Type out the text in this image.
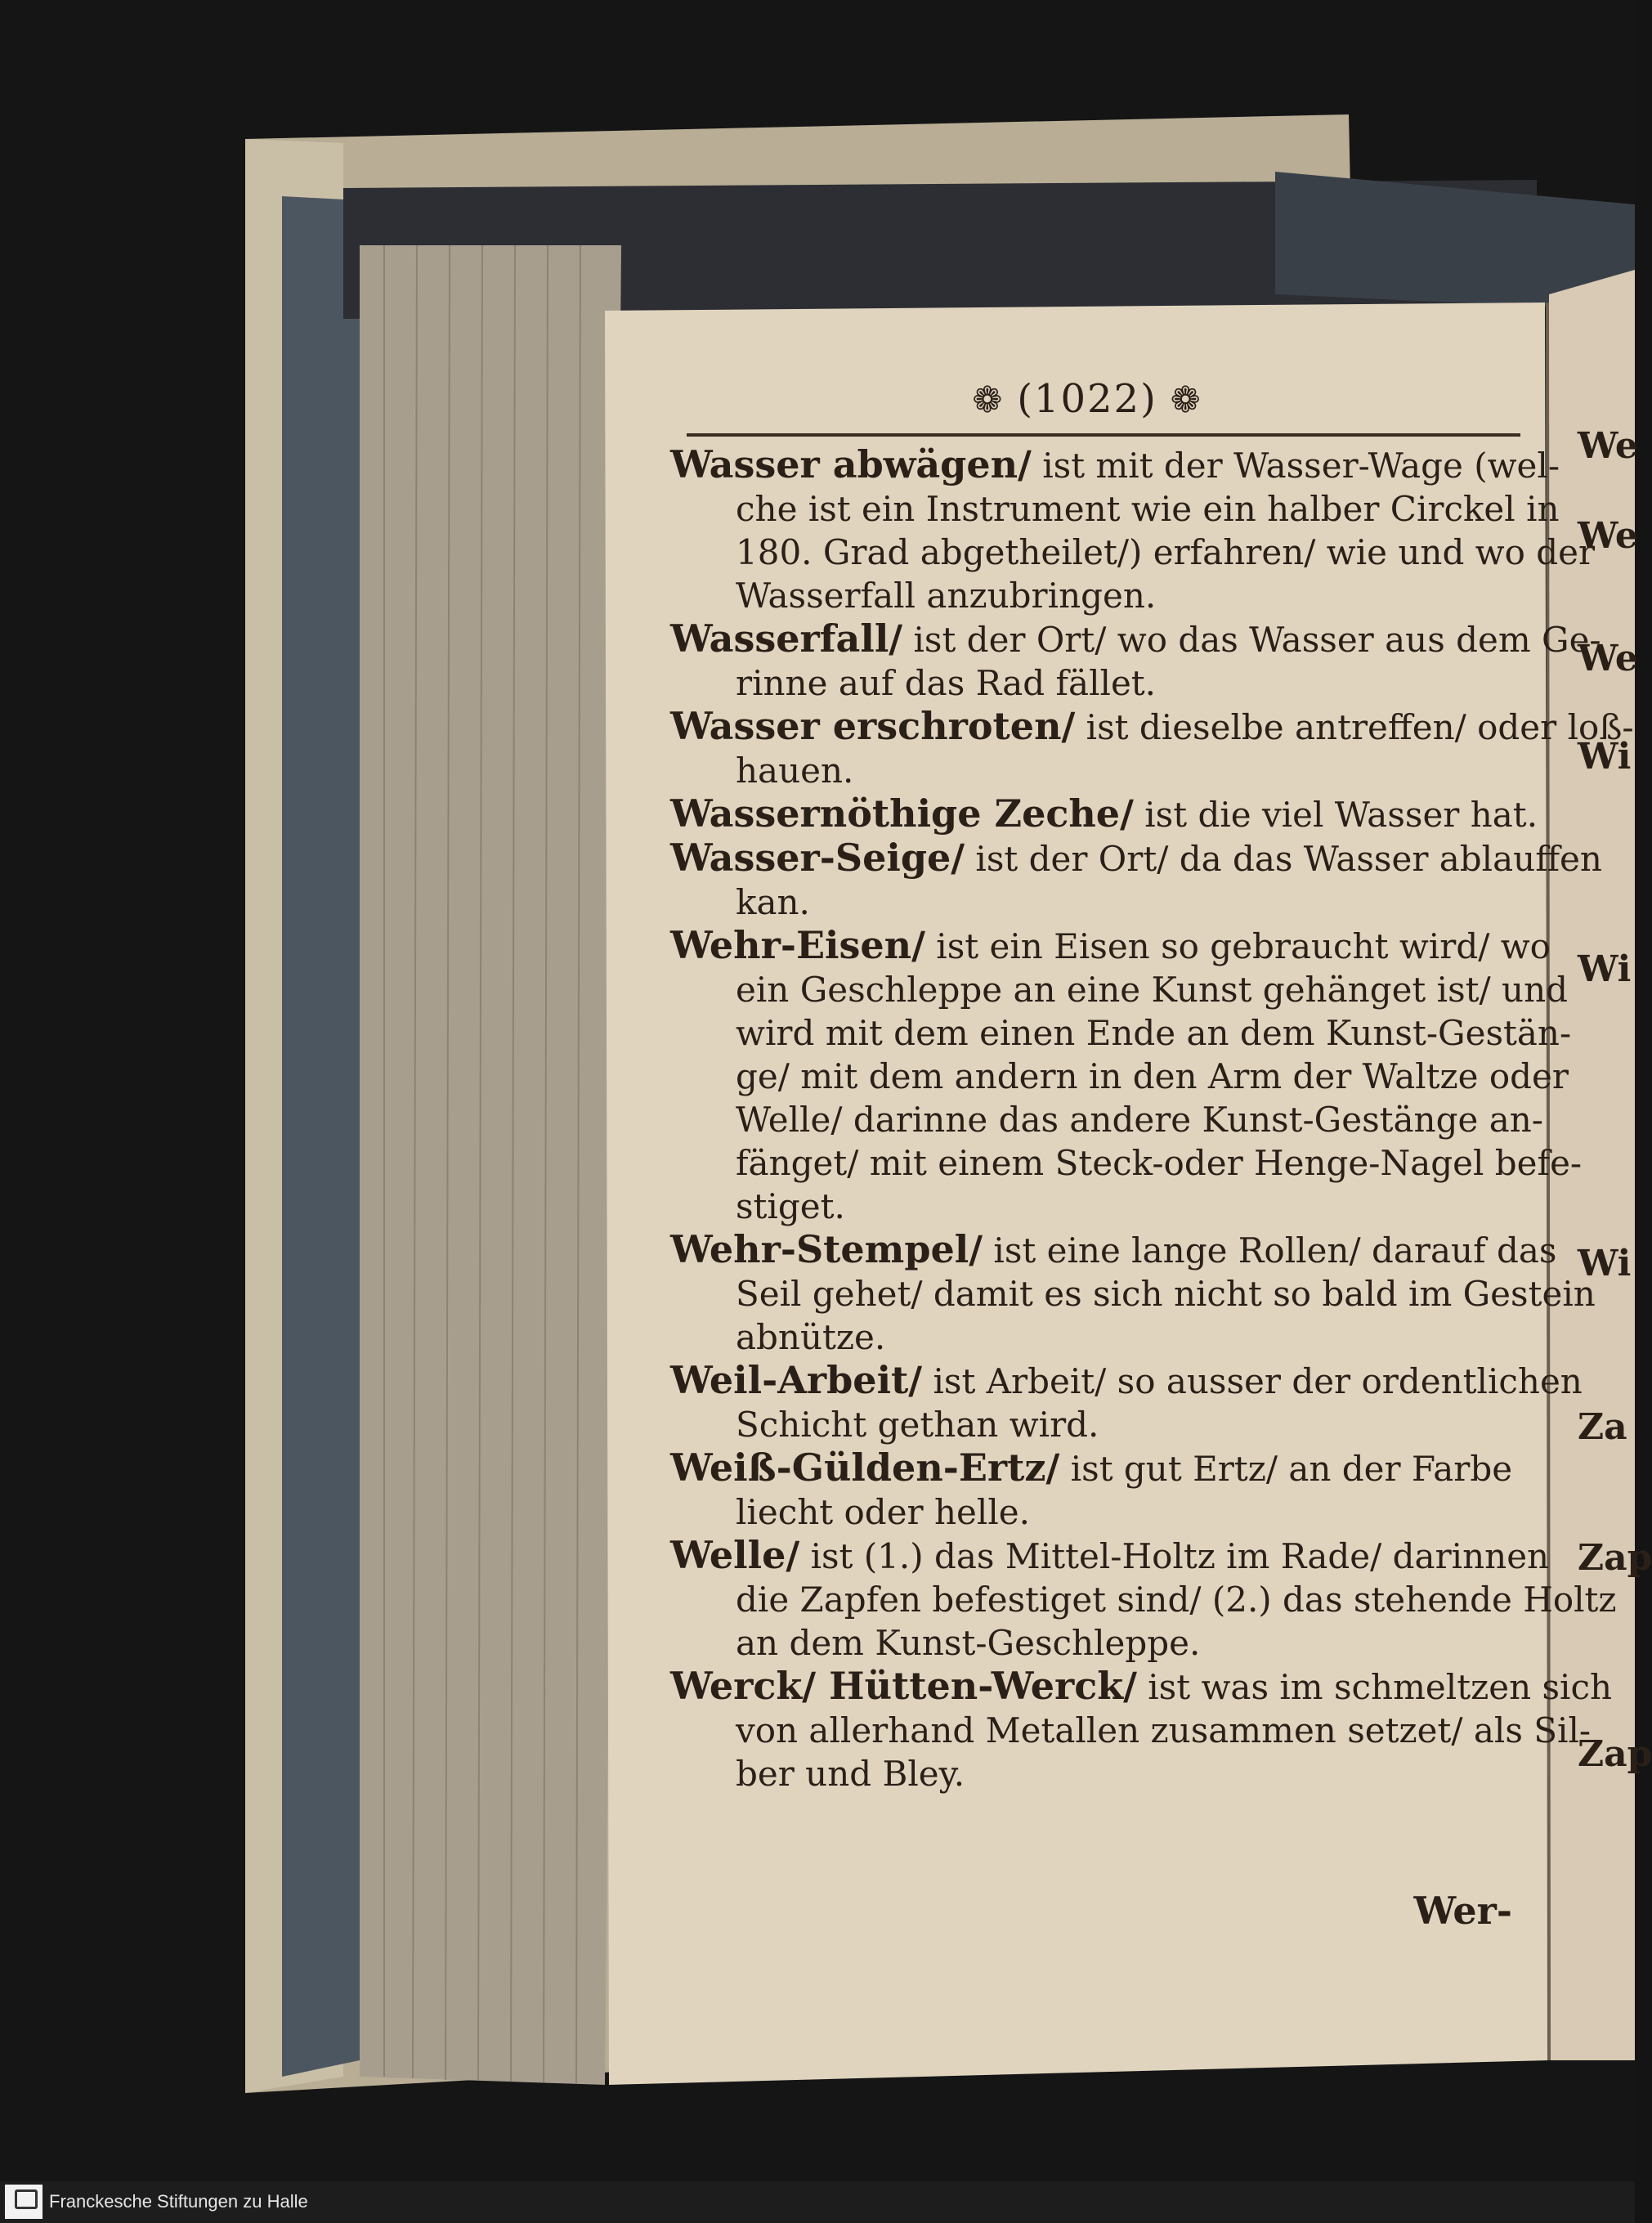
❁ (1022) ❁
Wasser abwägen/ ist mit der Wasser-Wage (wel-
che ist ein Instrument wie ein halber Circkel in
180. Grad abgetheilet/) erfahren/ wie und wo der
Wasserfall anzubringen.
Wasserfall/ ist der Ort/ wo das Wasser aus dem Ge-
rinne auf das Rad fället.
Wasser erschroten/ ist dieselbe antreffen/ oder loß-
hauen.
Wassernöthige Zeche/ ist die viel Wasser hat.
Wasser-Seige/ ist der Ort/ da das Wasser ablauffen
kan.
Wehr-Eisen/ ist ein Eisen so gebraucht wird/ wo
ein Geschleppe an eine Kunst gehänget ist/ und
wird mit dem einen Ende an dem Kunst-Gestän-
ge/ mit dem andern in den Arm der Waltze oder
Welle/ darinne das andere Kunst-Gestänge an-
fänget/ mit einem Steck-oder Henge-Nagel befe-
stiget.
Wehr-Stempel/ ist eine lange Rollen/ darauf das
Seil gehet/ damit es sich nicht so bald im Gestein
abnütze.
Weil-Arbeit/ ist Arbeit/ so ausser der ordentlichen
Schicht gethan wird.
Weiß-Gülden-Ertz/ ist gut Ertz/ an der Farbe
liecht oder helle.
Welle/ ist (1.) das Mittel-Holtz im Rade/ darinnen
die Zapfen befestiget sind/ (2.) das stehende Holtz
an dem Kunst-Geschleppe.
Werck/ Hütten-Werck/ ist was im schmeltzen sich
von allerhand Metallen zusammen setzet/ als Sil-
ber und Bley.
Wer-
We
We
We
Wi
Wi
Wi
Za
Zap
Zap
Franckesche Stiftungen zu Halle
